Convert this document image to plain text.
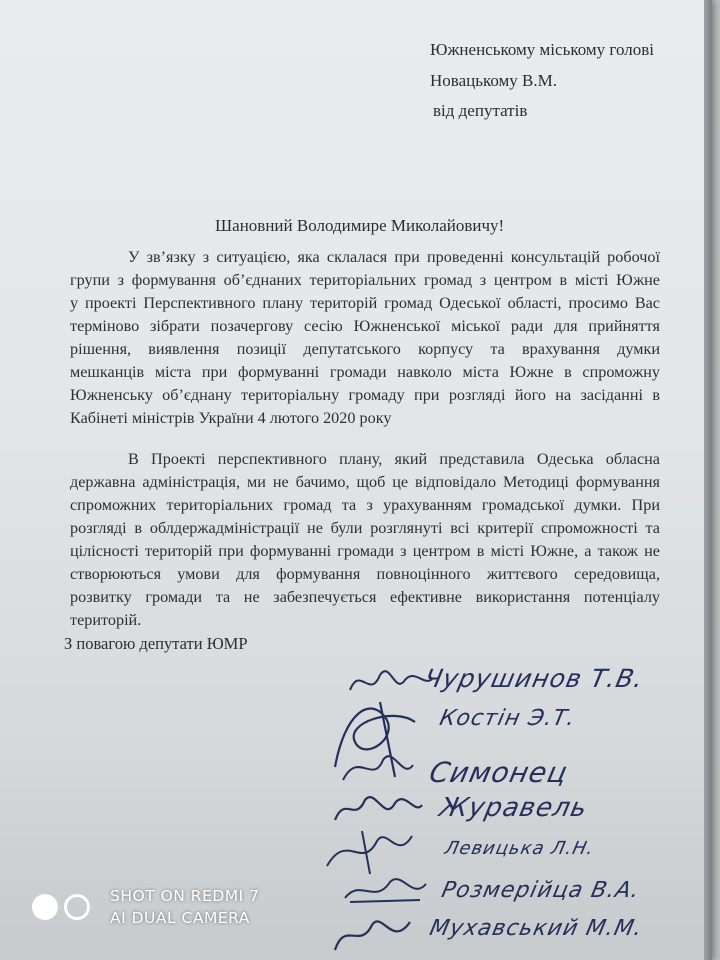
Южненському міському голові
Новацькому В.М.
від депутатів
Шановний Володимире Миколайовичу!
У зв’язку з ситуацією, яка склалася при проведенні консультацій робочої
групи з формування об’єднаних територіальних громад з центром в місті Южне
у проекті Перспективного плану територій громад Одеської області, просимо Вас
терміново зібрати позачергову сесію Южненської міської ради для прийняття
рішення, виявлення позиції депутатського корпусу та врахування думки
мешканців міста при формуванні громади навколо міста Южне в спроможну
Южненську об’єднану територіальну громаду при розгляді його на засіданні в
Кабінеті міністрів України 4 лютого 2020 року
В Проекті перспективного плану, який представила Одеська обласна
державна адміністрація, ми не бачимо, щоб це відповідало Методиці формування
спроможних територіальних громад та з урахуванням громадської думки. При
розгляді в облдержадміністрації не були розглянуті всі критерії спроможності та
цілісності територій при формуванні громади з центром в місті Южне, а також не
створюються умови для формування повноцінного життєвого середовища,
розвитку громади та не забезпечується ефективне використання потенціалу
територій.
З повагою депутати ЮМР
Чурушинов Т.В.
Костін Э.Т.
Симонец
Журавель
Левицька Л.Н.
Розмерійца В.А.
Мухавський М.М.
SHOT ON REDMI 7
AI DUAL CAMERA
